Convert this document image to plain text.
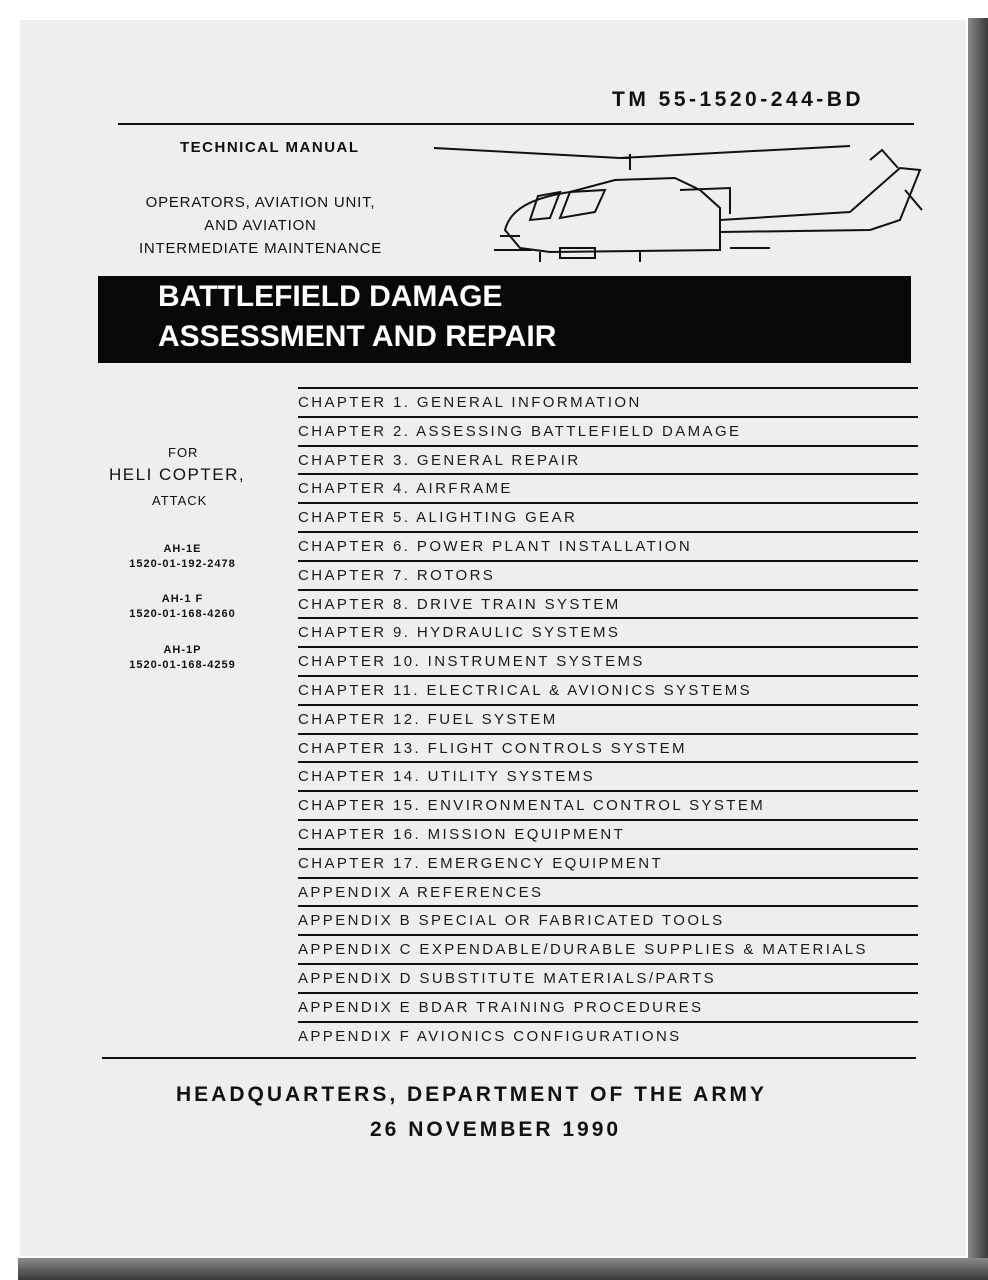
TM 55-1520-244-BD
TECHNICAL MANUAL
OPERATORS, AVIATION UNIT,
AND AVIATION
INTERMEDIATE MAINTENANCE
BATTLEFIELD DAMAGE
ASSESSMENT AND REPAIR
FOR
HELI COPTER,
ATTACK
AH-1E
1520-01-192-2478
AH-1 F
1520-01-168-4260
AH-1P
1520-01-168-4259
CHAPTER 1. GENERAL INFORMATION
CHAPTER 2. ASSESSING BATTLEFIELD DAMAGE
CHAPTER 3. GENERAL REPAIR
CHAPTER 4. AIRFRAME
CHAPTER 5. ALIGHTING GEAR
CHAPTER 6. POWER PLANT INSTALLATION
CHAPTER 7. ROTORS
CHAPTER 8. DRIVE TRAIN SYSTEM
CHAPTER 9. HYDRAULIC SYSTEMS
CHAPTER 10. INSTRUMENT SYSTEMS
CHAPTER 11. ELECTRICAL & AVIONICS SYSTEMS
CHAPTER 12. FUEL SYSTEM
CHAPTER 13. FLIGHT CONTROLS SYSTEM
CHAPTER 14. UTILITY SYSTEMS
CHAPTER 15. ENVIRONMENTAL CONTROL SYSTEM
CHAPTER 16. MISSION EQUIPMENT
CHAPTER 17. EMERGENCY EQUIPMENT
APPENDIX A REFERENCES
APPENDIX B SPECIAL OR FABRICATED TOOLS
APPENDIX C EXPENDABLE/DURABLE SUPPLIES & MATERIALS
APPENDIX D SUBSTITUTE MATERIALS/PARTS
APPENDIX E BDAR TRAINING PROCEDURES
APPENDIX F AVIONICS CONFIGURATIONS
HEADQUARTERS, DEPARTMENT OF THE ARMY
26 NOVEMBER 1990
